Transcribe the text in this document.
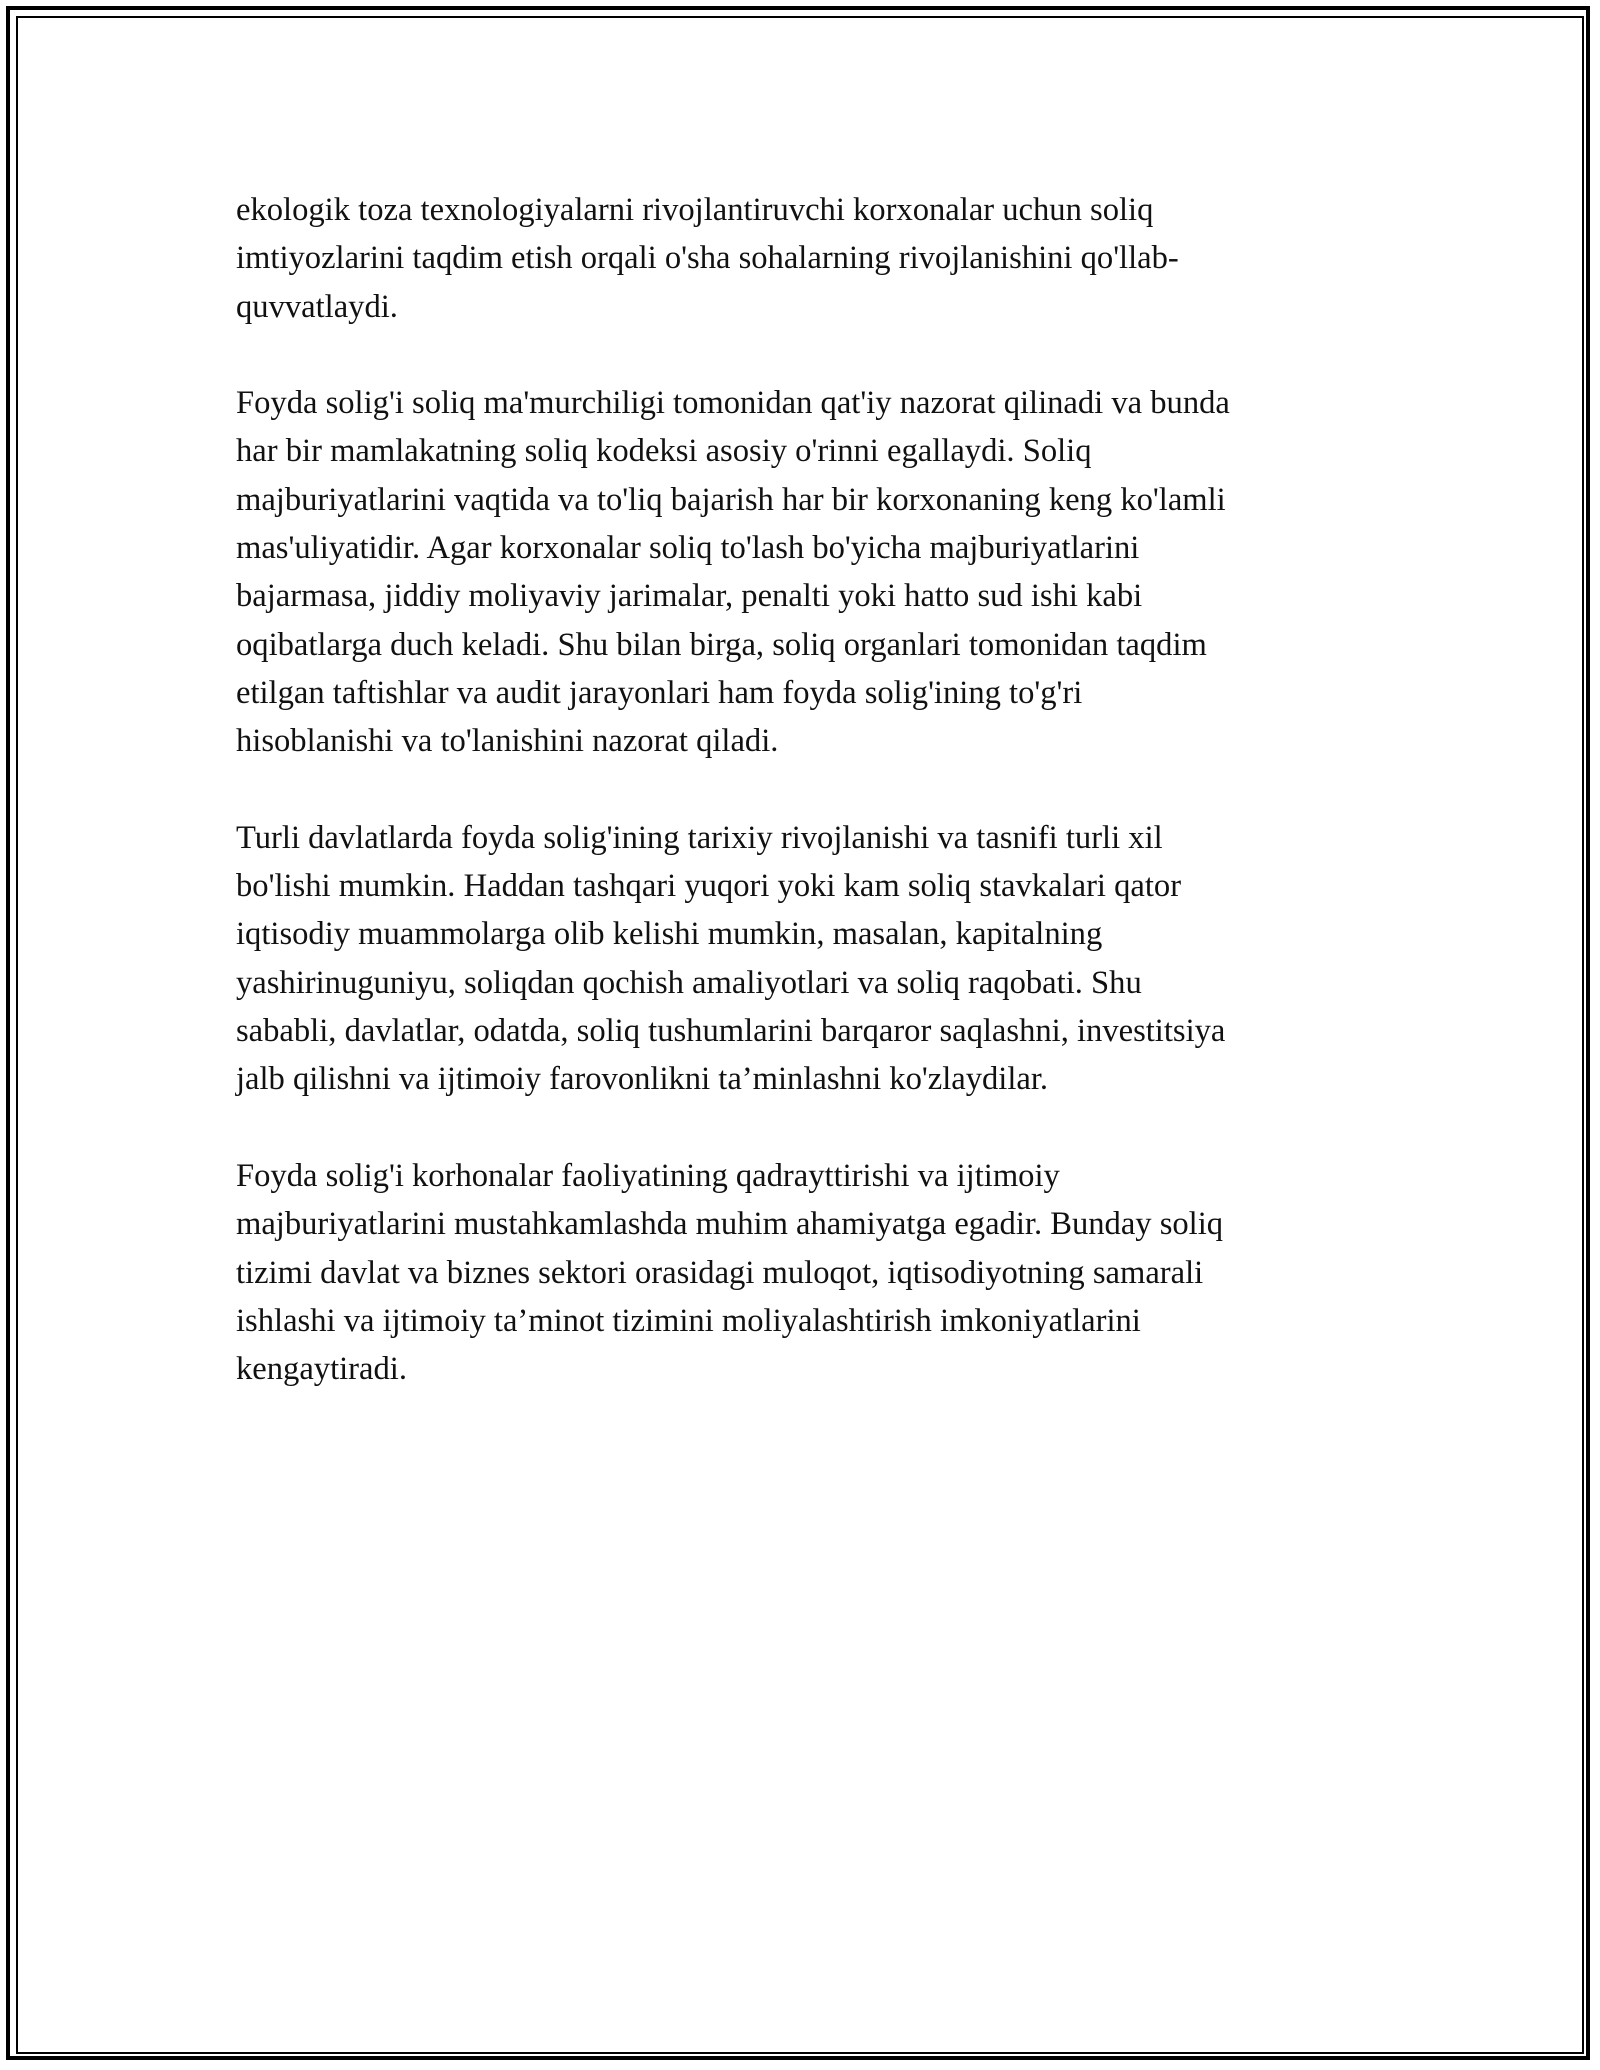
ekologik toza texnologiyalarni rivojlantiruvchi korxonalar uchun soliq
imtiyozlarini taqdim etish orqali o'sha sohalarning rivojlanishini qo'llab-
quvvatlaydi.

Foyda solig'i soliq ma'murchiligi tomonidan qat'iy nazorat qilinadi va bunda
har bir mamlakatning soliq kodeksi asosiy o'rinni egallaydi. Soliq
majburiyatlarini vaqtida va to'liq bajarish har bir korxonaning keng ko'lamli
mas'uliyatidir. Agar korxonalar soliq to'lash bo'yicha majburiyatlarini
bajarmasa, jiddiy moliyaviy jarimalar, penalti yoki hatto sud ishi kabi
oqibatlarga duch keladi. Shu bilan birga, soliq organlari tomonidan taqdim
etilgan taftishlar va audit jarayonlari ham foyda solig'ining to'g'ri
hisoblanishi va to'lanishini nazorat qiladi.

Turli davlatlarda foyda solig'ining tarixiy rivojlanishi va tasnifi turli xil
bo'lishi mumkin. Haddan tashqari yuqori yoki kam soliq stavkalari qator
iqtisodiy muammolarga olib kelishi mumkin, masalan, kapitalning
yashirinuguniyu, soliqdan qochish amaliyotlari va soliq raqobati. Shu
sababli, davlatlar, odatda, soliq tushumlarini barqaror saqlashni, investitsiya
jalb qilishni va ijtimoiy farovonlikni ta’minlashni ko'zlaydilar.

Foyda solig'i korhonalar faoliyatining qadrayttirishi va ijtimoiy
majburiyatlarini mustahkamlashda muhim ahamiyatga egadir. Bunday soliq
tizimi davlat va biznes sektori orasidagi muloqot, iqtisodiyotning samarali
ishlashi va ijtimoiy ta’minot tizimini moliyalashtirish imkoniyatlarini
kengaytiradi.
